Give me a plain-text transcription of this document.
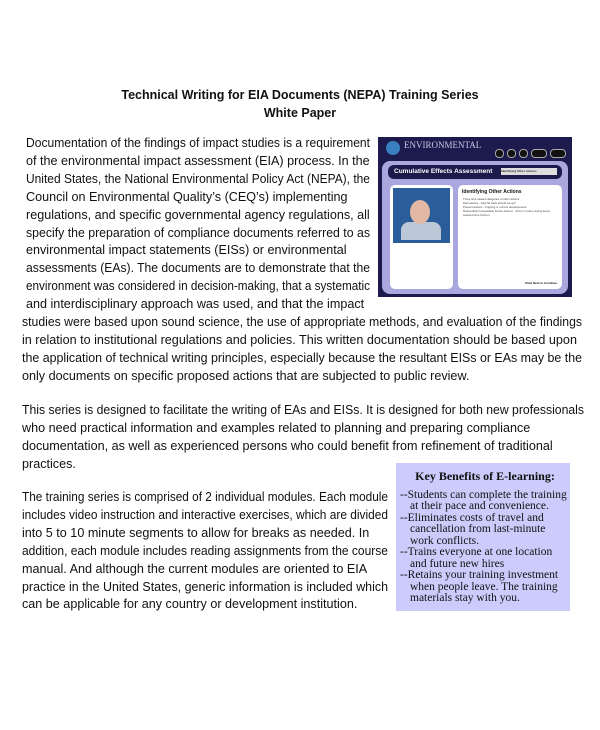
Technical Writing for EIA Documents (NEPA) Training Series
White Paper
Documentation of the findings of impact studies is a requirement
of the environmental impact assessment (EIA) process. In the
United States, the National Environmental Policy Act (NEPA), the
Council on Environmental Quality’s (CEQ’s) implementing
regulations, and specific governmental agency regulations, all
specify the preparation of compliance documents referred to as
environmental impact statements (EISs) or environmental
assessments (EAs). The documents are to demonstrate that the
environment was considered in decision-making, that a systematic
and interdisciplinary approach was used, and that the impact
studies were based upon sound science, the use of appropriate methods, and evaluation of the findings
in relation to institutional regulations and policies. This written documentation should be based upon
the application of technical writing principles, especially because the resultant EISs or EAs may be the
only documents on specific proposed actions that are subjected to public review.
This series is designed to facilitate the writing of EAs and EISs. It is designed for both new professionals
who need practical information and examples related to planning and preparing compliance
documentation, as well as experienced persons who could benefit from refinement of traditional
practices.
The training series is comprised of 2 individual modules. Each module
includes video instruction and interactive exercises, which are divided
into 5 to 10 minute segments to allow for breaks as needed. In
addition, each module includes reading assignments from the course
manual. And although the current modules are oriented to EIA
practice in the United States, generic information is included which
can be applicable for any country or development institution.
ENVIRONMENTAL
Cumulative Effects Assessment	Identifying Other Actions
Identifying Other Actions
Three time related categories of other actions
Past actions - How far back should we go?
Present actions - Ongoing or current developments
Reasonably Foreseeable Future Actions - Occur in future during future selected time horizon
Click Next to Continue
Key Benefits of E-learning:
--Students can complete the training at their pace and convenience.
--Eliminates costs of travel and cancellation from last-minute work conflicts.
--Trains everyone at one location and future new hires
--Retains your training investment when people leave. The training materials stay with you.
